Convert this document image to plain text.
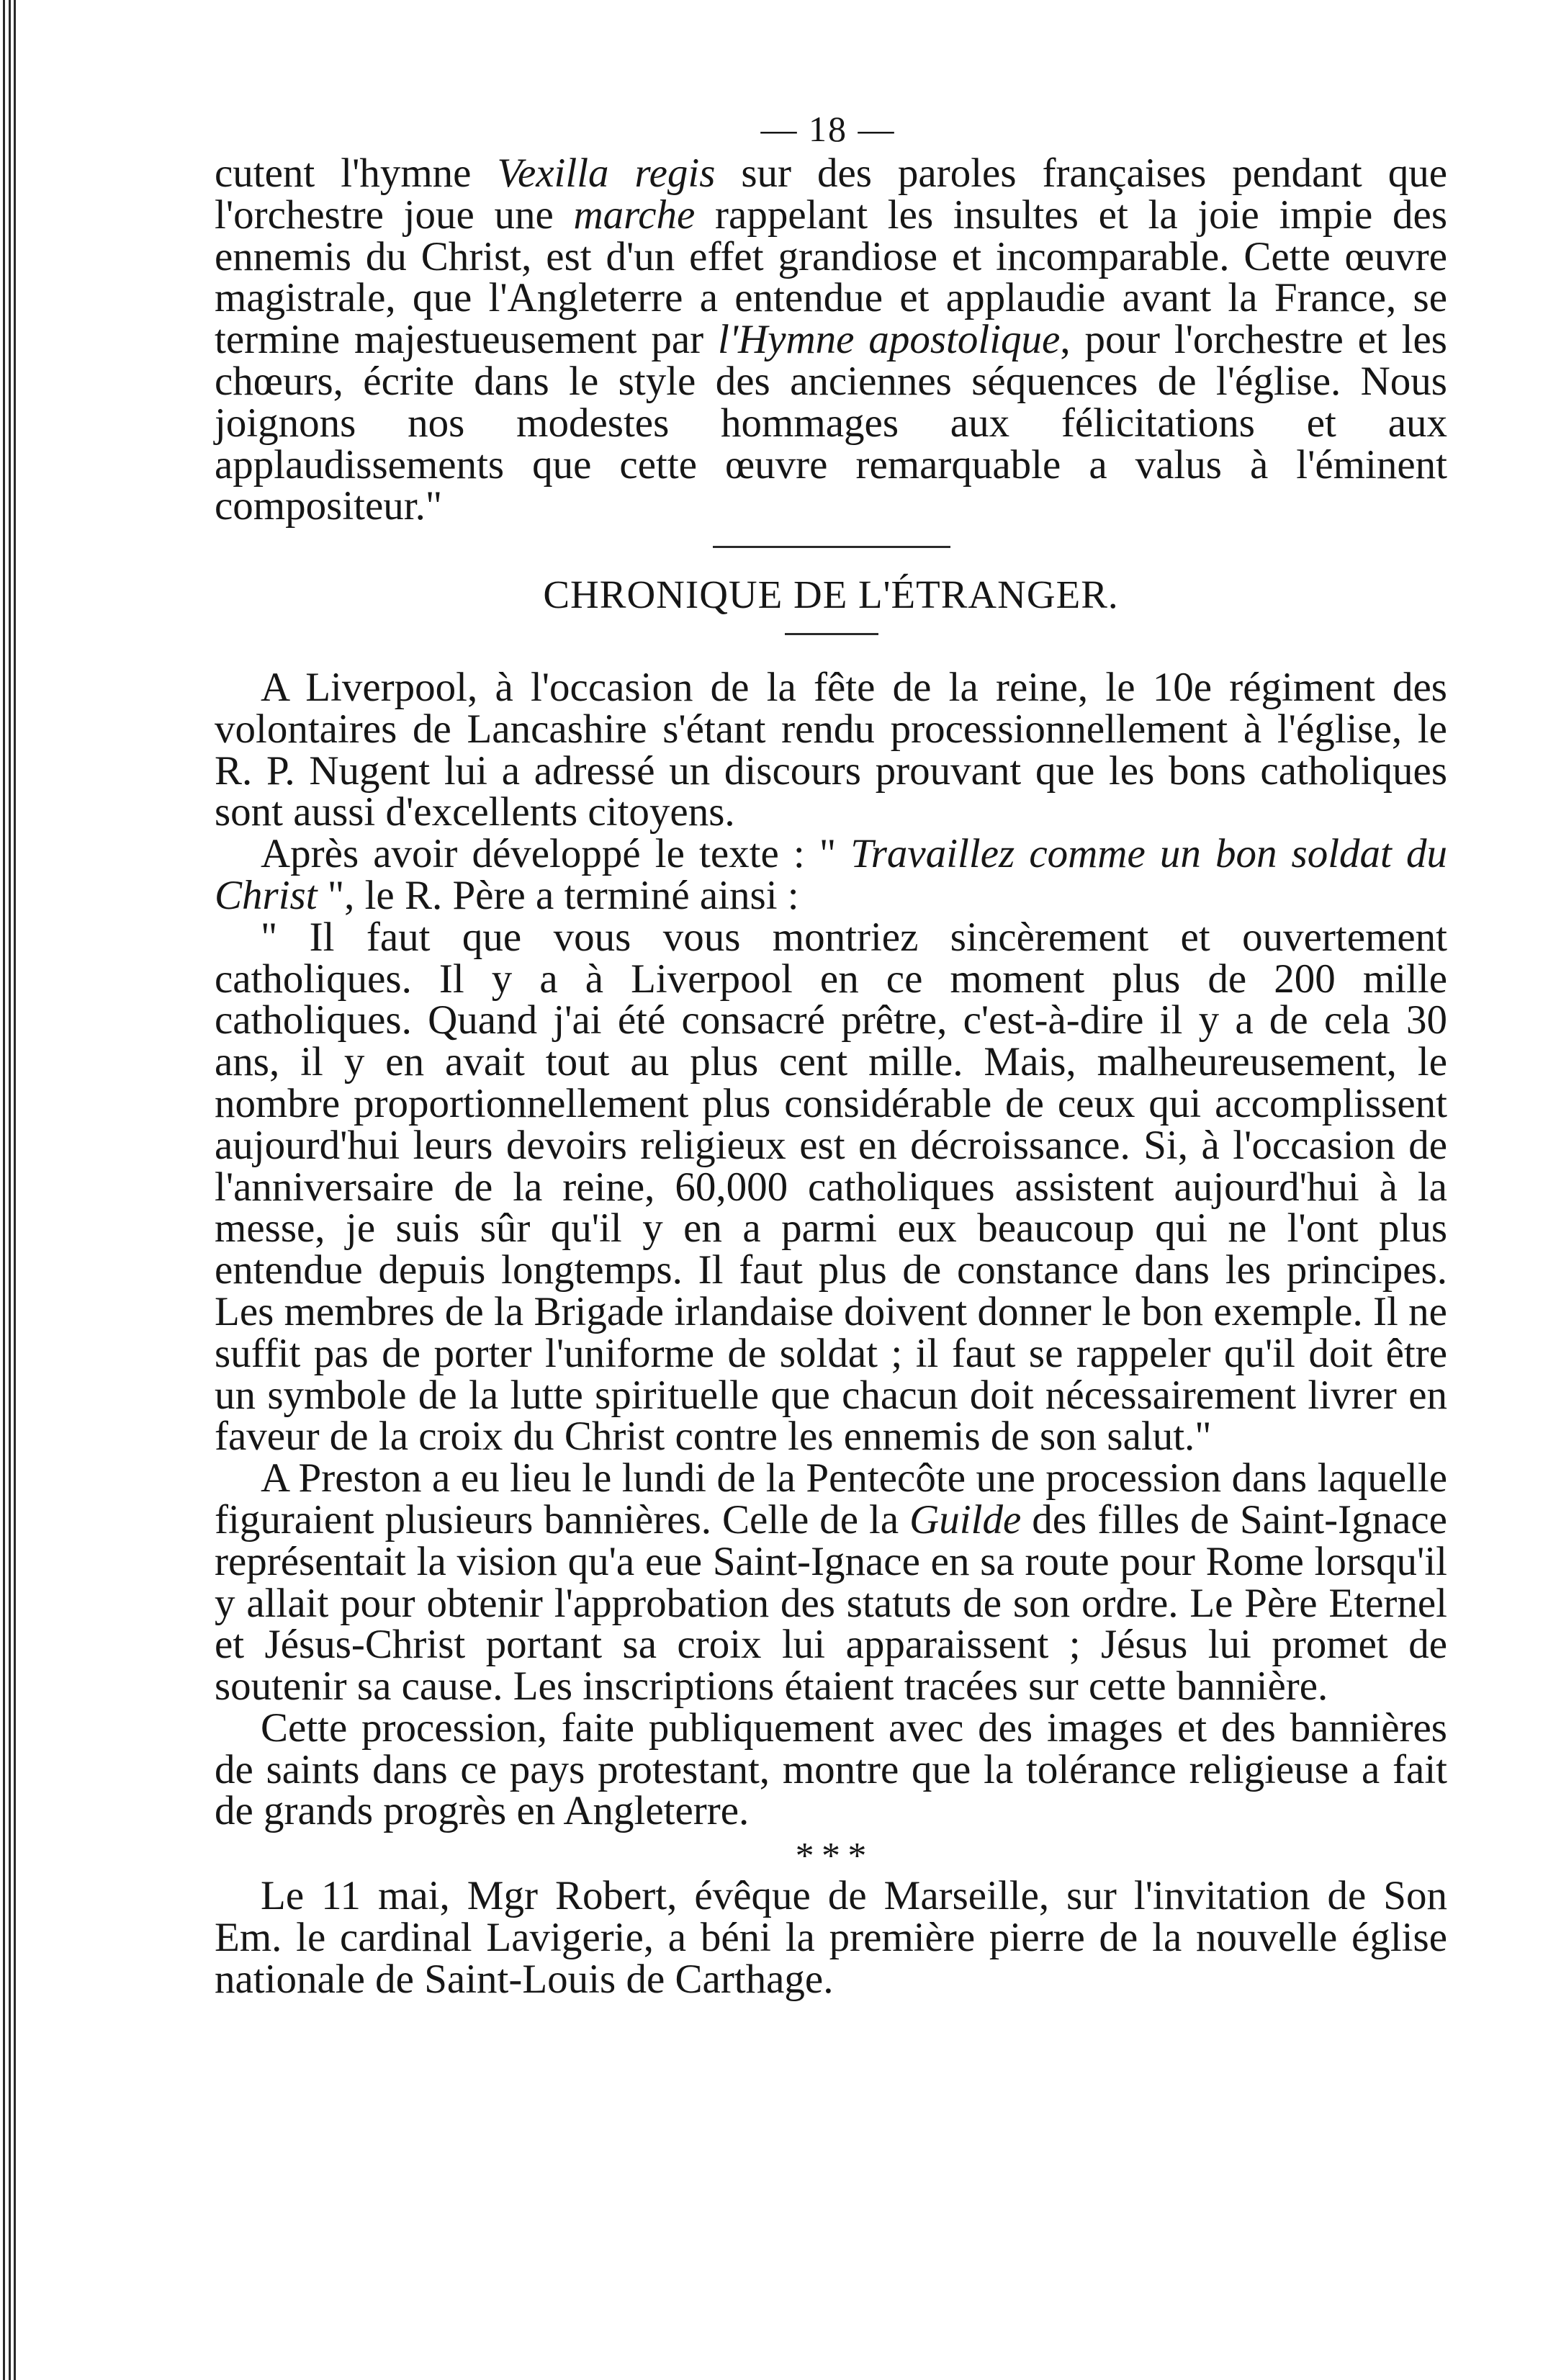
— 18 —

cutent l'hymne Vexilla regis sur des paroles françaises pendant que l'orchestre joue une marche rappelant les insultes et la joie impie des ennemis du Christ, est d'un effet grandiose et incomparable. Cette œuvre magistrale, que l'Angleterre a entendue et applaudie avant la France, se termine majestueusement par l'Hymne apostolique, pour l'orchestre et les chœurs, écrite dans le style des anciennes séquences de l'église. Nous joignons nos modestes hommages aux félicitations et aux applaudissements que cette œuvre remarquable a valus à l'éminent compositeur."

CHRONIQUE DE L'ÉTRANGER.

A Liverpool, à l'occasion de la fête de la reine, le 10e régiment des volontaires de Lancashire s'étant rendu processionnellement à l'église, le R. P. Nugent lui a adressé un discours prouvant que les bons catholiques sont aussi d'excellents citoyens.

Après avoir développé le texte : " Travaillez comme un bon soldat du Christ ", le R. Père a terminé ainsi :

" Il faut que vous vous montriez sincèrement et ouvertement catholiques. Il y a à Liverpool en ce moment plus de 200 mille catholiques. Quand j'ai été consacré prêtre, c'est-à-dire il y a de cela 30 ans, il y en avait tout au plus cent mille. Mais, malheureusement, le nombre proportionnellement plus considérable de ceux qui accomplissent aujourd'hui leurs devoirs religieux est en décroissance. Si, à l'occasion de l'anniversaire de la reine, 60,000 catholiques assistent aujourd'hui à la messe, je suis sûr qu'il y en a parmi eux beaucoup qui ne l'ont plus entendue depuis longtemps. Il faut plus de constance dans les principes. Les membres de la Brigade irlandaise doivent donner le bon exemple. Il ne suffit pas de porter l'uniforme de soldat ; il faut se rappeler qu'il doit être un symbole de la lutte spirituelle que chacun doit nécessairement livrer en faveur de la croix du Christ contre les ennemis de son salut."

A Preston a eu lieu le lundi de la Pentecôte une procession dans laquelle figuraient plusieurs bannières. Celle de la Guilde des filles de Saint-Ignace représentait la vision qu'a eue Saint-Ignace en sa route pour Rome lorsqu'il y allait pour obtenir l'approbation des statuts de son ordre. Le Père Eternel et Jésus-Christ portant sa croix lui apparaissent ; Jésus lui promet de soutenir sa cause. Les inscriptions étaient tracées sur cette bannière.

Cette procession, faite publiquement avec des images et des bannières de saints dans ce pays protestant, montre que la tolérance religieuse a fait de grands progrès en Angleterre.

* * *

Le 11 mai, Mgr Robert, évêque de Marseille, sur l'invitation de Son Em. le cardinal Lavigerie, a béni la première pierre de la nouvelle église nationale de Saint-Louis de Carthage.
